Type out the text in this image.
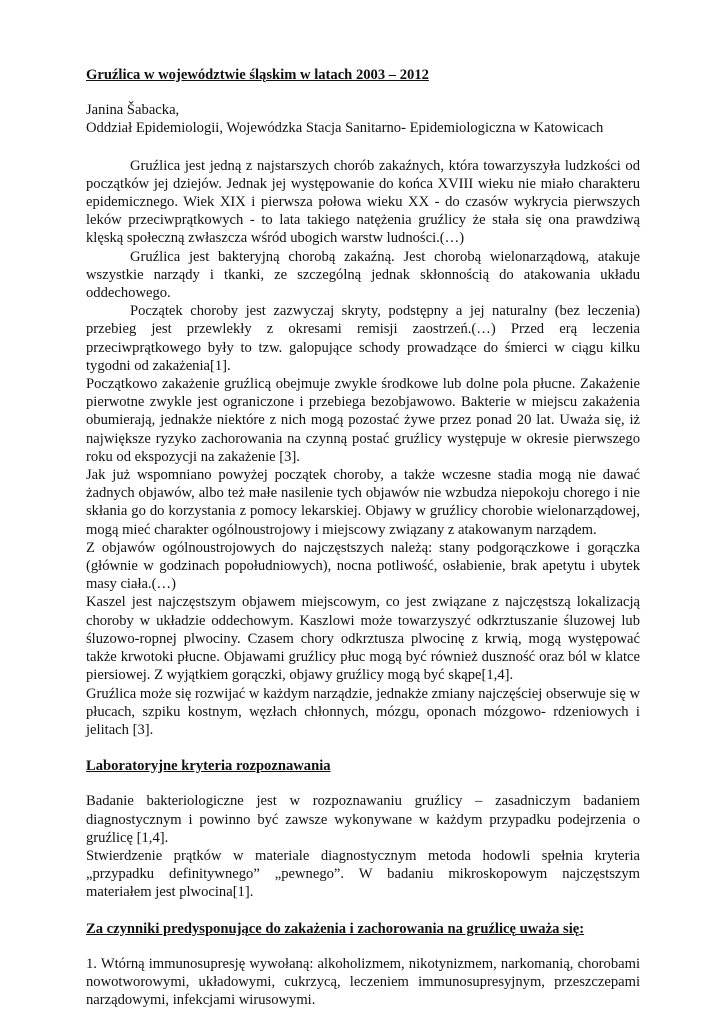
Gruźlica w województwie śląskim w latach 2003 – 2012

Janina Šabacka,

Oddział Epidemiologii, Wojewódzka Stacja Sanitarno- Epidemiologiczna w Katowicach

Gruźlica jest jedną z najstarszych chorób zakaźnych, która towarzyszyła ludzkości od początków jej dziejów. Jednak jej występowanie do końca XVIII wieku nie miało charakteru epidemicznego. Wiek XIX i pierwsza połowa wieku XX - do czasów wykrycia pierwszych leków przeciwprątkowych - to lata takiego natężenia gruźlicy że stała się ona prawdziwą klęską społeczną zwłaszcza wśród ubogich warstw ludności.(…)

Gruźlica jest bakteryjną chorobą zakaźną. Jest chorobą wielonarządową, atakuje wszystkie narządy i tkanki, ze szczególną jednak skłonnością do atakowania układu oddechowego.

Początek choroby jest zazwyczaj skryty, podstępny a jej naturalny (bez leczenia) przebieg jest przewlekły z okresami remisji zaostrzeń.(…) Przed erą leczenia przeciwprątkowego były to tzw. galopujące schody prowadzące do śmierci w ciągu kilku tygodni od zakażenia[1].

Początkowo zakażenie gruźlicą obejmuje zwykle środkowe lub dolne pola płucne. Zakażenie pierwotne zwykle jest ograniczone i przebiega bezobjawowo. Bakterie w miejscu zakażenia obumierają, jednakże niektóre z nich mogą pozostać żywe przez ponad 20 lat. Uważa się, iż największe ryzyko zachorowania na czynną postać gruźlicy występuje w okresie pierwszego roku od ekspozycji na zakażenie [3].

Jak już wspomniano powyżej początek choroby, a także wczesne stadia mogą nie dawać żadnych objawów, albo też małe nasilenie tych objawów nie wzbudza niepokoju chorego i nie skłania go do korzystania z pomocy lekarskiej. Objawy w gruźlicy chorobie wielonarządowej, mogą mieć charakter ogólnoustrojowy i miejscowy związany z atakowanym narządem.

Z objawów ogólnoustrojowych do najczęstszych należą: stany podgorączkowe i gorączka (głównie w godzinach popołudniowych), nocna potliwość, osłabienie, brak apetytu i ubytek masy ciała.(…)

Kaszel jest najczęstszym objawem miejscowym, co jest związane z najczęstszą lokalizacją choroby w układzie oddechowym. Kaszlowi może towarzyszyć odkrztuszanie śluzowej lub śluzowo-ropnej plwociny. Czasem chory odkrztusza plwocinę z krwią, mogą występować także krwotoki płucne. Objawami gruźlicy płuc mogą być również duszność oraz ból w klatce piersiowej. Z wyjątkiem gorączki, objawy gruźlicy mogą być skąpe[1,4].

Gruźlica może się rozwijać w każdym narządzie, jednakże zmiany najczęściej obserwuje się w płucach, szpiku kostnym, węzłach chłonnych, mózgu, oponach mózgowo- rdzeniowych i jelitach [3].

Laboratoryjne kryteria rozpoznawania

Badanie bakteriologiczne jest w rozpoznawaniu gruźlicy – zasadniczym badaniem diagnostycznym i powinno być zawsze wykonywane w każdym przypadku podejrzenia o gruźlicę [1,4].

Stwierdzenie prątków w materiale diagnostycznym metoda hodowli spełnia kryteria „przypadku definitywnego” „pewnego”. W badaniu mikroskopowym najczęstszym materiałem jest plwocina[1].

Za czynniki predysponujące do zakażenia i zachorowania na gruźlicę uważa się:

1. Wtórną immunosupresję wywołaną: alkoholizmem, nikotynizmem, narkomanią, chorobami nowotworowymi, układowymi, cukrzycą, leczeniem immunosupresyjnym, przeszczepami narządowymi, infekcjami wirusowymi.
